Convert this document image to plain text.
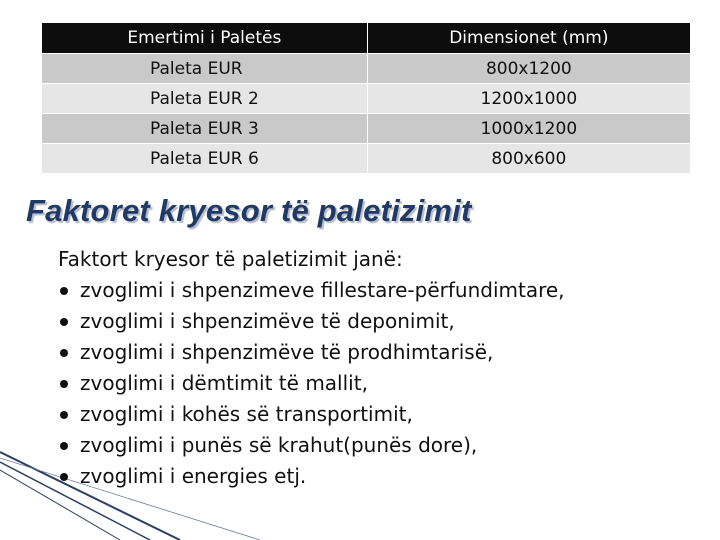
Emertimi i Paletēs	Dimensionet (mm)
Paleta EUR	800x1200
Paleta EUR 2	1200x1000
Paleta EUR 3	1000x1200
Paleta EUR 6	800x600
Faktoret kryesor të paletizimit

Faktort kryesor të paletizimit janë:

zvoglimi i shpenzimeve fillestare-përfundimtare,
zvoglimi i shpenzimëve të deponimit,
zvoglimi i shpenzimëve të prodhimtarisë,
zvoglimi i dëmtimit të mallit,
zvoglimi i kohës së transportimit,
zvoglimi i punës së krahut(punës dore),
zvoglimi i energies etj.
